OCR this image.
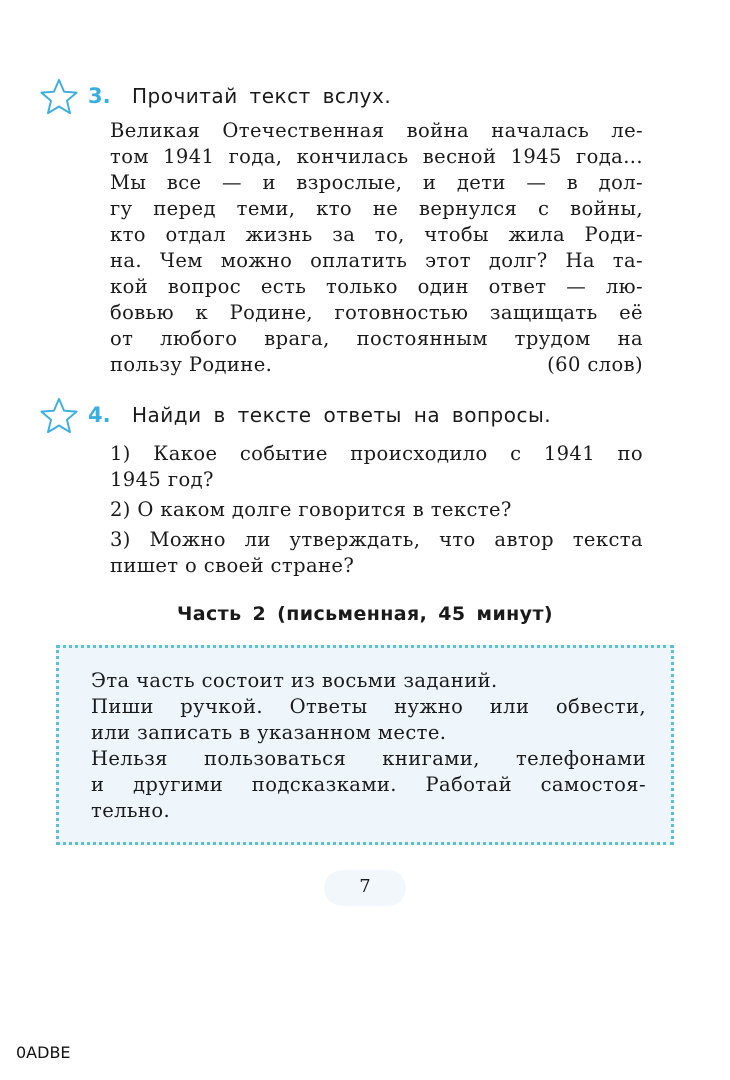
3. Прочитай текст вслух.
Великая Отечественная война началась ле-
том 1941 года, кончилась весной 1945 года...
Мы все — и взрослые, и дети — в дол-
гу перед теми, кто не вернулся с войны,
кто отдал жизнь за то, чтобы жила Роди-
на. Чем можно оплатить этот долг? На та-
кой вопрос есть только один ответ — лю-
бовью к Родине, готовностью защищать её
от любого врага, постоянным трудом на
пользу Родине.	(60 слов)
4. Найди в тексте ответы на вопросы.
1) Какое событие происходило с 1941 по
1945 год?
2) О каком долге говорится в тексте?
3) Можно ли утверждать, что автор текста
пишет о своей стране?
Часть 2 (письменная, 45 минут)
Эта часть состоит из восьми заданий.
Пиши ручкой. Ответы нужно или обвести,
или записать в указанном месте.
Нельзя пользоваться книгами, телефонами
и другими подсказками. Работай самостоя-
тельно.
7
0ADBE
